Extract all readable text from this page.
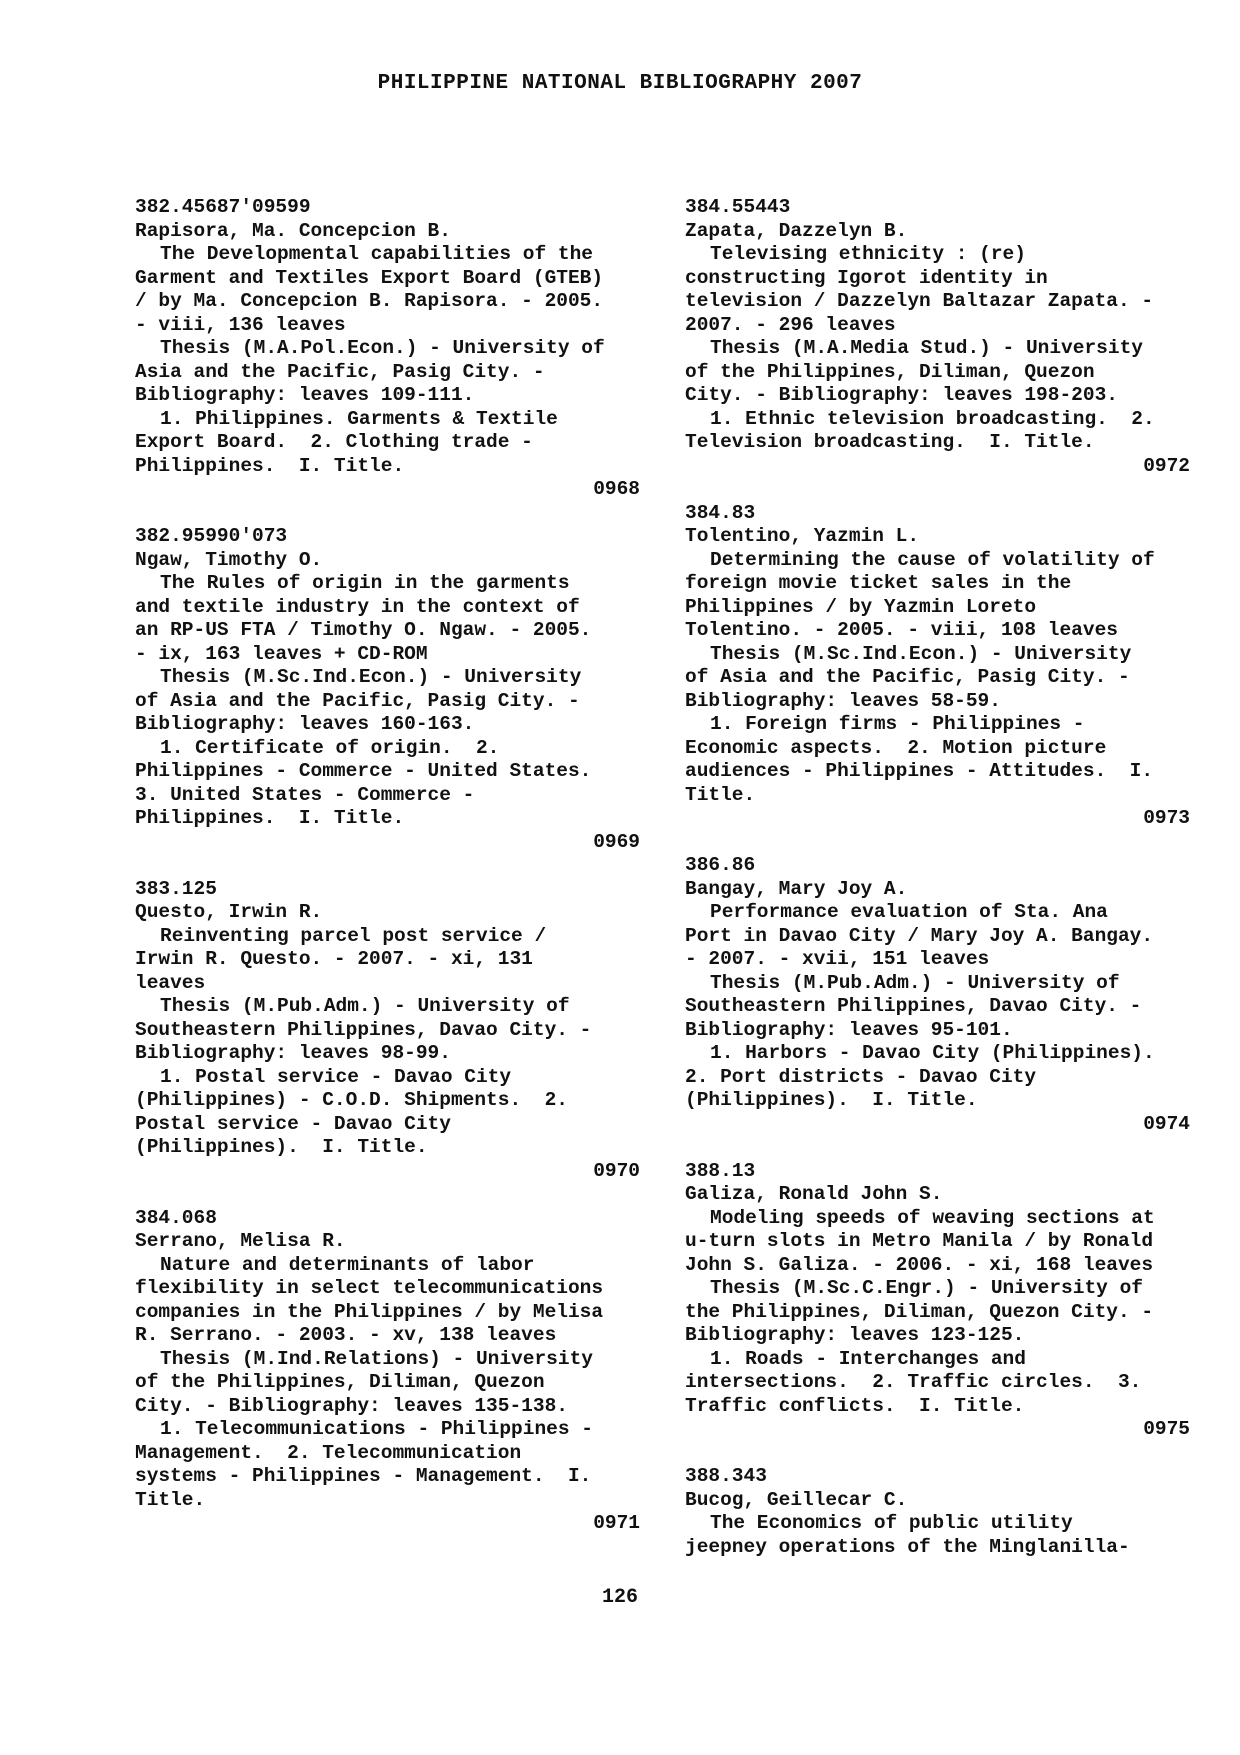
PHILIPPINE NATIONAL BIBLIOGRAPHY 2007
382.45687'09599
Rapisora, Ma. Concepcion B.
The Developmental capabilities of the
Garment and Textiles Export Board (GTEB)
/ by Ma. Concepcion B. Rapisora. - 2005.
- viii, 136 leaves
Thesis (M.A.Pol.Econ.) - University of
Asia and the Pacific, Pasig City. -
Bibliography: leaves 109-111.
1. Philippines. Garments & Textile
Export Board.  2. Clothing trade -
Philippines.  I. Title.
0968
382.95990'073
Ngaw, Timothy O.
The Rules of origin in the garments
and textile industry in the context of
an RP-US FTA / Timothy O. Ngaw. - 2005.
- ix, 163 leaves + CD-ROM
Thesis (M.Sc.Ind.Econ.) - University
of Asia and the Pacific, Pasig City. -
Bibliography: leaves 160-163.
1. Certificate of origin.  2.
Philippines - Commerce - United States.
3. United States - Commerce -
Philippines.  I. Title.
0969
383.125
Questo, Irwin R.
Reinventing parcel post service /
Irwin R. Questo. - 2007. - xi, 131
leaves
Thesis (M.Pub.Adm.) - University of
Southeastern Philippines, Davao City. -
Bibliography: leaves 98-99.
1. Postal service - Davao City
(Philippines) - C.O.D. Shipments.  2.
Postal service - Davao City
(Philippines).  I. Title.
0970
384.068
Serrano, Melisa R.
Nature and determinants of labor
flexibility in select telecommunications
companies in the Philippines / by Melisa
R. Serrano. - 2003. - xv, 138 leaves
Thesis (M.Ind.Relations) - University
of the Philippines, Diliman, Quezon
City. - Bibliography: leaves 135-138.
1. Telecommunications - Philippines -
Management.  2. Telecommunication
systems - Philippines - Management.  I.
Title.
0971
384.55443
Zapata, Dazzelyn B.
Televising ethnicity : (re)
constructing Igorot identity in
television / Dazzelyn Baltazar Zapata. -
2007. - 296 leaves
Thesis (M.A.Media Stud.) - University
of the Philippines, Diliman, Quezon
City. - Bibliography: leaves 198-203.
1. Ethnic television broadcasting.  2.
Television broadcasting.  I. Title.
0972
384.83
Tolentino, Yazmin L.
Determining the cause of volatility of
foreign movie ticket sales in the
Philippines / by Yazmin Loreto
Tolentino. - 2005. - viii, 108 leaves
Thesis (M.Sc.Ind.Econ.) - University
of Asia and the Pacific, Pasig City. -
Bibliography: leaves 58-59.
1. Foreign firms - Philippines -
Economic aspects.  2. Motion picture
audiences - Philippines - Attitudes.  I.
Title.
0973
386.86
Bangay, Mary Joy A.
Performance evaluation of Sta. Ana
Port in Davao City / Mary Joy A. Bangay.
- 2007. - xvii, 151 leaves
Thesis (M.Pub.Adm.) - University of
Southeastern Philippines, Davao City. -
Bibliography: leaves 95-101.
1. Harbors - Davao City (Philippines).
2. Port districts - Davao City
(Philippines).  I. Title.
0974
388.13
Galiza, Ronald John S.
Modeling speeds of weaving sections at
u-turn slots in Metro Manila / by Ronald
John S. Galiza. - 2006. - xi, 168 leaves
Thesis (M.Sc.C.Engr.) - University of
the Philippines, Diliman, Quezon City. -
Bibliography: leaves 123-125.
1. Roads - Interchanges and
intersections.  2. Traffic circles.  3.
Traffic conflicts.  I. Title.
0975
388.343
Bucog, Geillecar C.
The Economics of public utility
jeepney operations of the Minglanilla-
126
